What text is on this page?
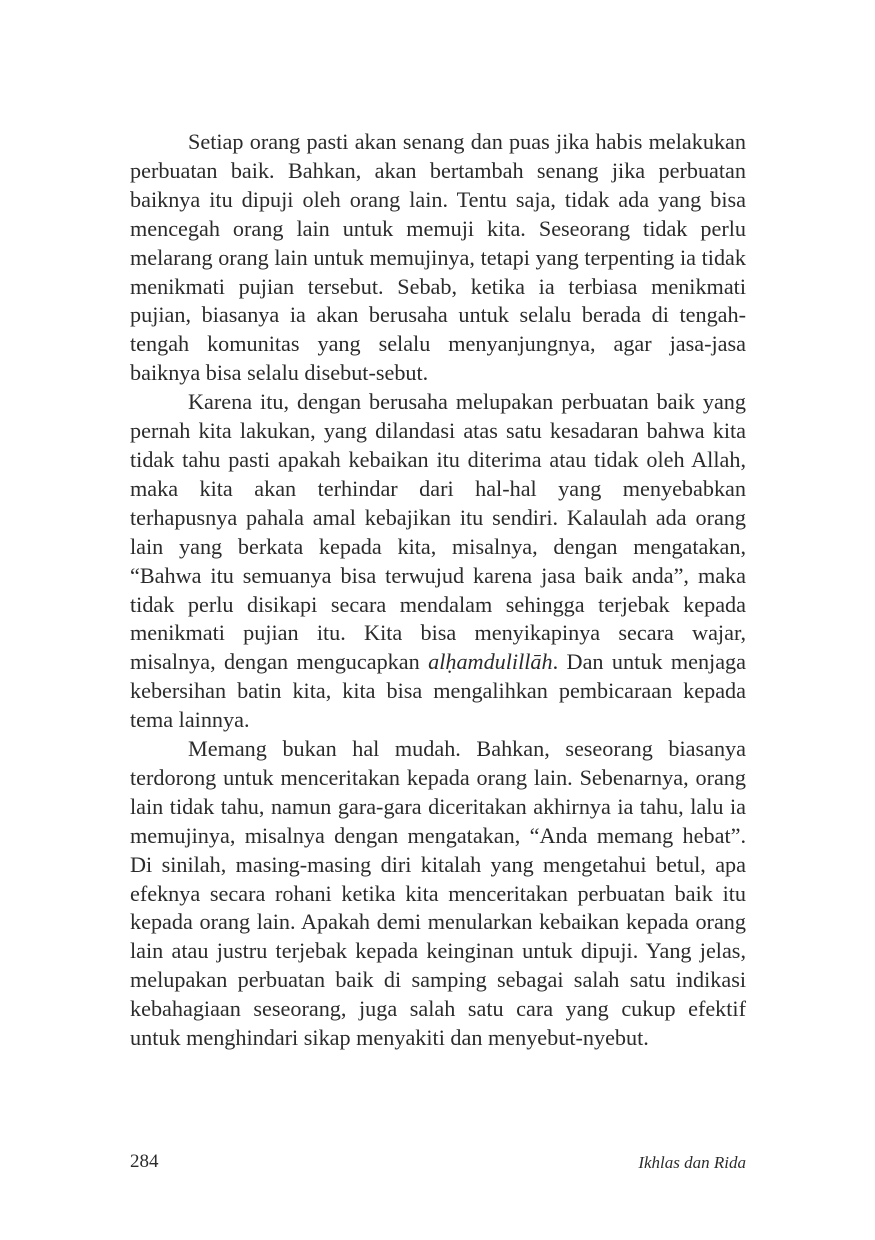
Setiap orang pasti akan senang dan puas jika habis melakukan perbuatan baik. Bahkan, akan bertambah senang jika perbuatan baiknya itu dipuji oleh orang lain. Tentu saja, tidak ada yang bisa mencegah orang lain untuk memuji kita. Seseorang tidak perlu melarang orang lain untuk memujinya, tetapi yang terpenting ia tidak menikmati pujian tersebut. Sebab, ketika ia terbiasa menikmati pujian, biasanya ia akan berusaha untuk selalu berada di tengah-tengah komunitas yang selalu menyanjungnya, agar jasa-jasa baiknya bisa selalu disebut-sebut.

Karena itu, dengan berusaha melupakan perbuatan baik yang pernah kita lakukan, yang dilandasi atas satu kesadaran bahwa kita tidak tahu pasti apakah kebaikan itu diterima atau tidak oleh Allah, maka kita akan terhindar dari hal-hal yang menyebabkan terhapusnya pahala amal kebajikan itu sendiri. Kalaulah ada orang lain yang berkata kepada kita, misalnya, dengan mengatakan, “Bahwa itu semuanya bisa terwujud karena jasa baik anda”, maka tidak perlu disikapi secara mendalam sehingga terjebak kepada menikmati pujian itu. Kita bisa menyikapinya secara wajar, misalnya, dengan mengucapkan alḥamdulillāh. Dan untuk menjaga kebersihan batin kita, kita bisa mengalihkan pembicaraan kepada tema lainnya.

Memang bukan hal mudah. Bahkan, seseorang biasanya terdorong untuk menceritakan kepada orang lain. Sebenarnya, orang lain tidak tahu, namun gara-gara diceritakan akhirnya ia tahu, lalu ia memujinya, misalnya dengan mengatakan, “Anda memang hebat”. Di sinilah, masing-masing diri kitalah yang mengetahui betul, apa efeknya secara rohani ketika kita menceritakan perbuatan baik itu kepada orang lain. Apakah demi menularkan kebaikan kepada orang lain atau justru terjebak kepada keinginan untuk dipuji. Yang jelas, melupakan perbuatan baik di samping sebagai salah satu indikasi kebahagiaan seseorang, juga salah satu cara yang cukup efektif untuk menghindari sikap menyakiti dan menyebut-nyebut.

284	Ikhlas dan Rida
